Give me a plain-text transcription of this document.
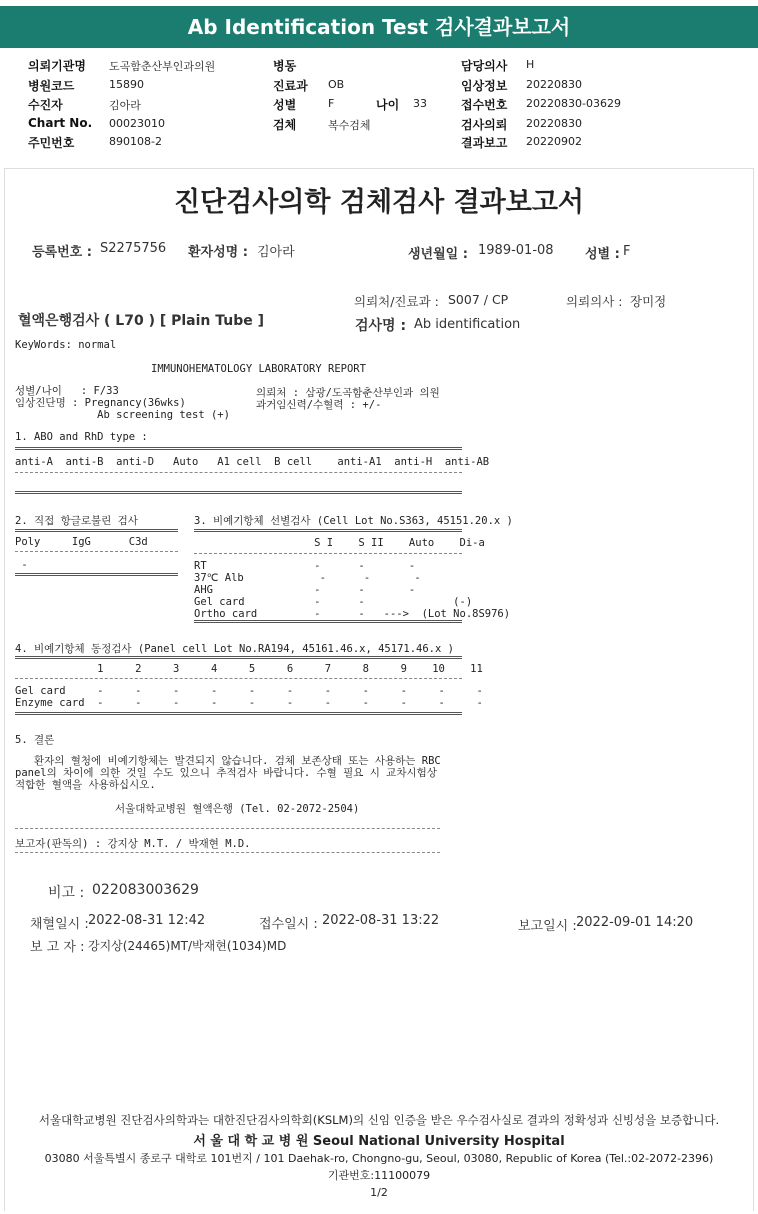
Ab Identification Test 검사결과보고서
의뢰기관명 도곡함춘산부인과의원
병원코드	15890
수진자	김아라
Chart No. 00023010
주민번호	890108-2
병동
진료과 OB
성별	F	나이 33
검체	복수검체
담당의사 H
임상정보 20220830
접수번호 20220830-03629
검사의뢰 20220830
결과보고 20220902
진단검사의학 검체검사 결과보고서
등록번호 : S2275756 환자성명 : 김아라	생년월일 : 1989-01-08 성별 : F
의뢰처/진료과 : S007 / CP	의뢰의사 : 장미정
혈액은행검사 ( L70 ) [ Plain Tube ]	검사명 : Ab identification
KeyWords: normal
IMMUNOHEMATOLOGY LABORATORY REPORT
성별/나이   : F/33
임상진단명 : Pregnancy(36wks)
Ab screening test (+)
의뢰처 : 삼광/도곡함춘산부인과 의원
과거임신력/수혈력 : +/-
1. ABO and RhD type :
anti-A  anti-B  anti-D   Auto   A1 cell  B cell    anti-A1  anti-H  anti-AB
2. 직접 항글로불린 검사
Poly     IgG      C3d
-
3. 비예기항체 선별검사 (Cell Lot No.S363, 45151.20.x )
S I    S II    Auto    Di-a
RT                 -      -       -
37℃ Alb            -      -       -
AHG                -      -       -
Gel card           -      -              (-)
Ortho card         -      -   --->  (Lot No.8S976)
4. 비예기항체 동정검사 (Panel cell Lot No.RA194, 45161.46.x, 45171.46.x )
1     2     3     4     5     6     7     8     9    10    11
Gel card     -     -     -     -     -     -     -     -     -     -     -
Enzyme card  -     -     -     -     -     -     -     -     -     -     -
5. 결론
환자의 혈청에 비예기항체는 발견되지 않습니다. 검체 보존상태 또는 사용하는 RBC
panel의 차이에 의한 것일 수도 있으니 추적검사 바랍니다. 수혈 필요 시 교차시험상
적합한 혈액을 사용하십시오.
서울대학교병원 혈액은행 (Tel. 02-2072-2504)
보고자(판독의) : 강지상 M.T. / 박재현 M.D.
비고 : 022083003629
채혈일시 : 2022-08-31 12:42	접수일시 : 2022-08-31 13:22	보고일시 : 2022-09-01 14:20
보 고 자 : 강지상(24465)MT/박재현(1034)MD
서울대학교병원 진단검사의학과는 대한진단검사의학회(KSLM)의 신임 인증을 받은 우수검사실로 결과의 정확성과 신빙성을 보증합니다.
서 울 대 학 교 병 원 Seoul National University Hospital
03080 서울특별시 종로구 대학로 101번지 / 101 Daehak-ro, Chongno-gu, Seoul, 03080, Republic of Korea (Tel.:02-2072-2396)
기관번호:11100079
1/2
